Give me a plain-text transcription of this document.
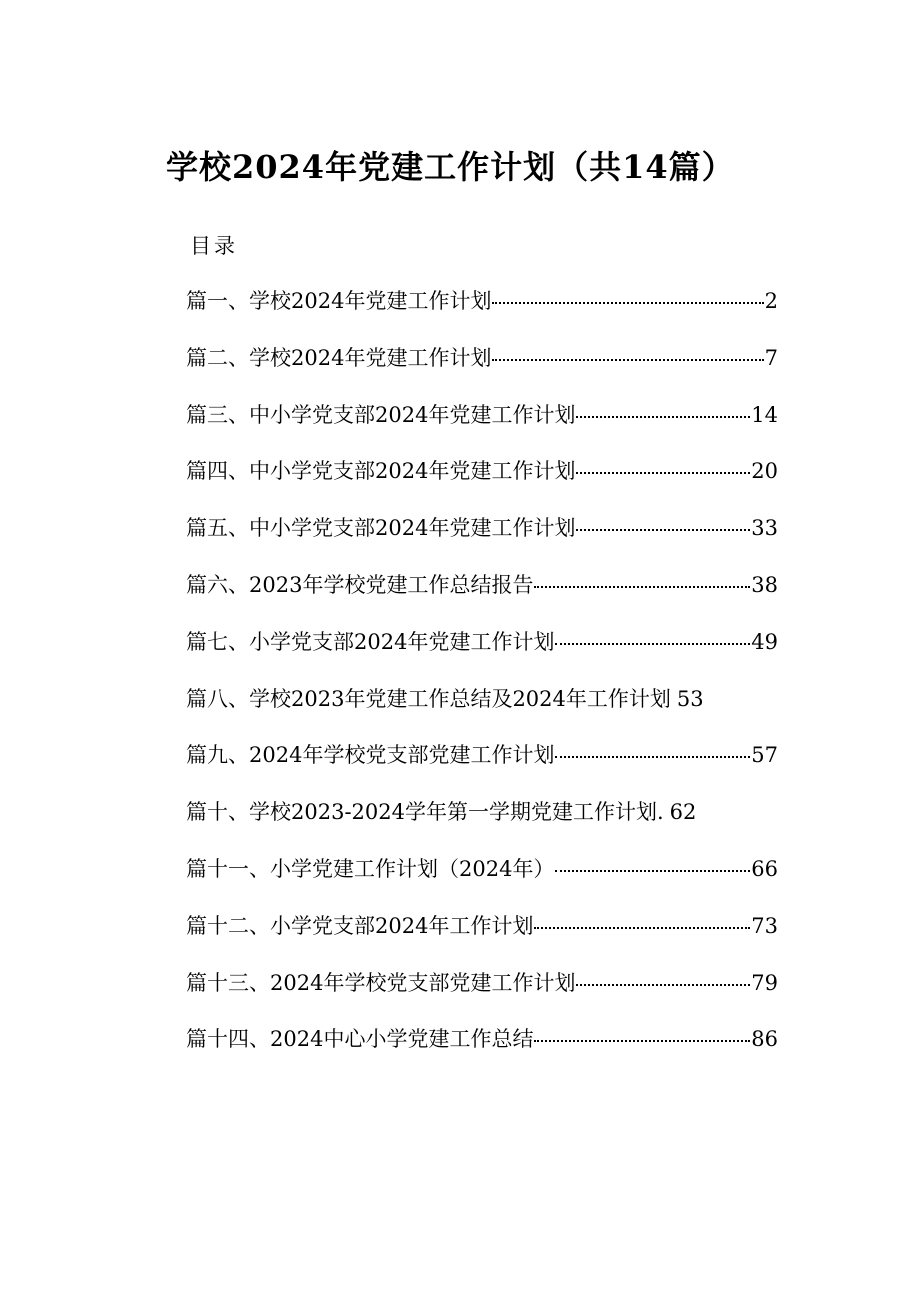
学校2024年党建工作计划（共14篇）
目录
篇一、学校2024年党建工作计划	2
篇二、学校2024年党建工作计划	7
篇三、中小学党支部2024年党建工作计划	14
篇四、中小学党支部2024年党建工作计划	20
篇五、中小学党支部2024年党建工作计划	33
篇六、2023年学校党建工作总结报告	38
篇七、小学党支部2024年党建工作计划	49
篇八、学校2023年党建工作总结及2024年工作计划 53
篇九、2024年学校党支部党建工作计划	57
篇十、学校2023-2024学年第一学期党建工作计划. 62
篇十一、小学党建工作计划（2024年）	66
篇十二、小学党支部2024年工作计划	73
篇十三、2024年学校党支部党建工作计划	79
篇十四、2024中心小学党建工作总结	86
